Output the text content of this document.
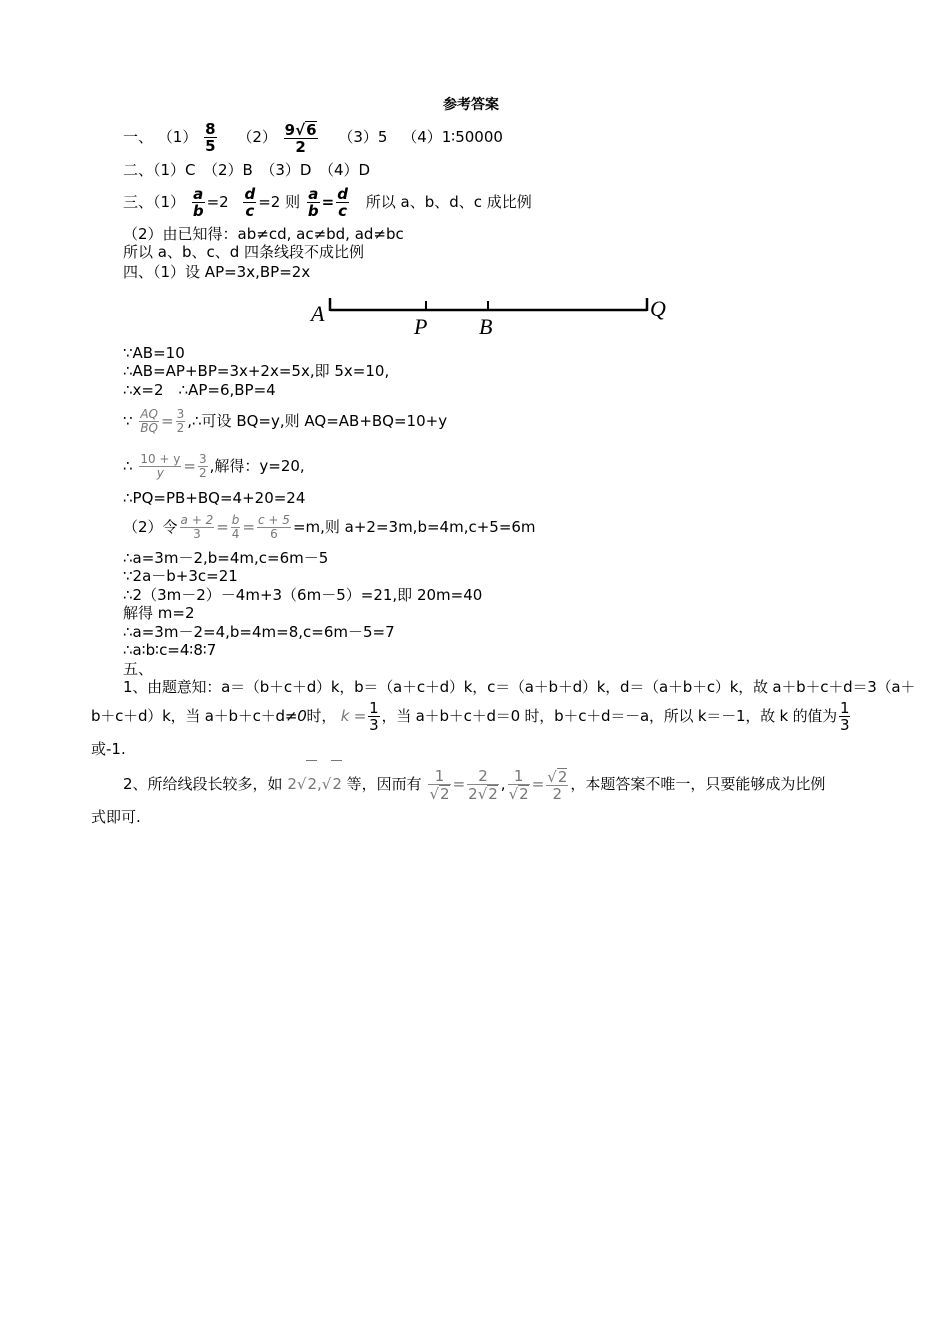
参考答案
一、 $(1) \frac{8}{5} (2) \frac{9√6}{2} (3)5$ （4）1∶50000
二、（1）C　（2）B　（3）D　（4）D
三、$(1) \frac{a}{b} =2 \frac{d}{c} =2$ 则 $\frac{a}{b} = \frac{d}{c}$ 所以 a、b、d、c 成比例
（2）由已知得：ab≠cd, ac≠bd, ad≠bc
所以 a、b、c、d 四条线段不成比例
四、（1）设 AP=3x,BP=2x
A
P B
Q
∵AB=10
∴AB=AP+BP=3x+2x=5x,即 5x=10,
∴x=2　∴AP=6,BP=4
∵ $\frac{AQ}{BQ} = \frac{3}{2}$ ,∴可设 BQ=y,则 AQ=AB+BQ=10+y
∴ $\frac{10 + y}{y} = \frac{3}{2}$ ,解得：y=20,
∴PQ=PB+BQ=4+20=24
（2）令 $\frac{a + 2}{3} = \frac{b}{4} = \frac{c + 5}{6} =m$,则 a+2=3m,b=4m,c+5=6m
∴a=3m－2,b=4m,c=6m－5
∵2a－b+3c=21
∴2（3m－2）－4m+3（6m－5）=21,即 20m=40
解得 m=2
∴a=3m－2=4,b=4m=8,c=6m－5=7
∴a∶b∶c=4∶8∶7
五、
1、由题意知：a＝（b＋c＋d）k，b＝（a＋c＋d）k，c＝（a＋b＋d）k，d＝（a＋b＋c）k，故 a＋b＋c＋d＝3（a＋
b＋c＋d）k，当 a＋b＋c＋d≠0时， $k = \frac{1}{3}$ ，当 a＋b＋c＋d＝0 时，b＋c＋d＝－a，所以 k＝－1，故 k 的值为 $\frac{1}{3}$
或-1.
2、所给线段长较多，如 2√2,√2 等，因而有 $\frac{1}{√2} = \frac{2}{2√2}$ , $\frac{1}{√2} = \frac{√2}{2}$ ，本题答案不唯一，只要能够成为比例
式即可.
